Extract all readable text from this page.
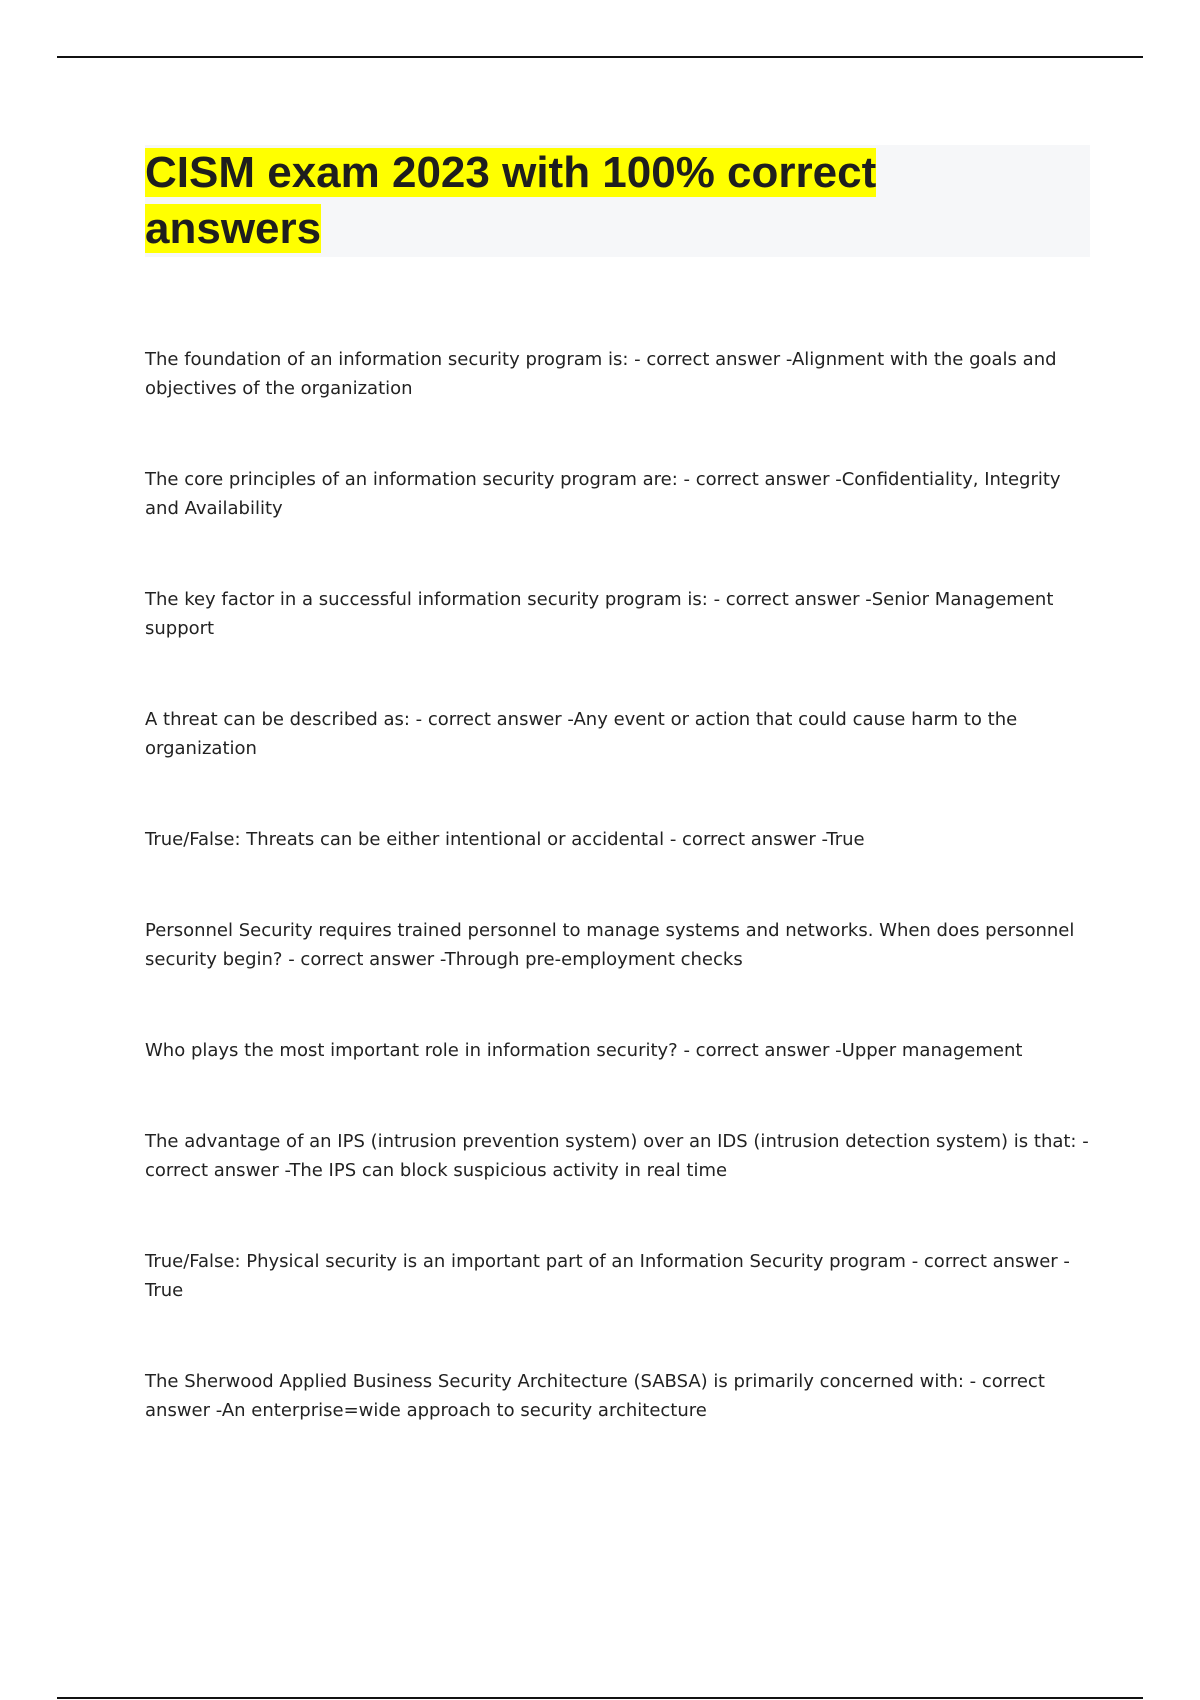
CISM exam 2023 with 100% correct answers
The foundation of an information security program is: - correct answer -Alignment with the goals and objectives of the organization
The core principles of an information security program are: - correct answer -Confidentiality, Integrity and Availability
The key factor in a successful information security program is: - correct answer -Senior Management support
A threat can be described as: - correct answer -Any event or action that could cause harm to the organization
True/False: Threats can be either intentional or accidental - correct answer -True
Personnel Security requires trained personnel to manage systems and networks. When does personnel security begin? - correct answer -Through pre-employment checks
Who plays the most important role in information security? - correct answer -Upper management
The advantage of an IPS (intrusion prevention system) over an IDS (intrusion detection system) is that: - correct answer -The IPS can block suspicious activity in real time
True/False: Physical security is an important part of an Information Security program - correct answer - True
The Sherwood Applied Business Security Architecture (SABSA) is primarily concerned with: - correct answer -An enterprise=wide approach to security architecture
